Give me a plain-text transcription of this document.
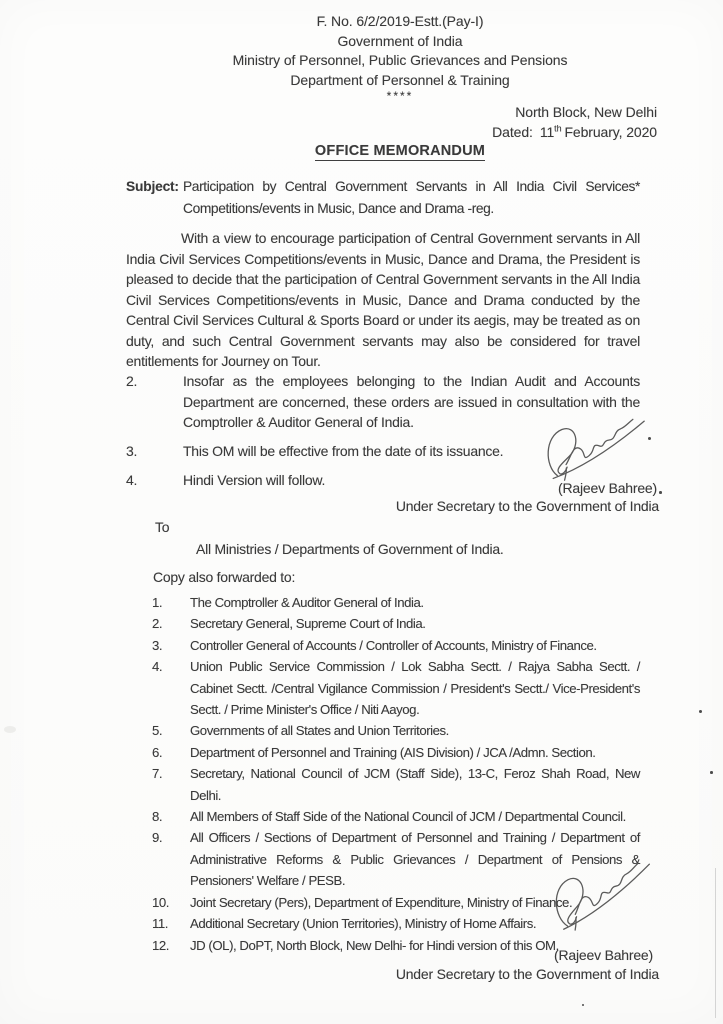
F. No. 6/2/2019-Estt.(Pay-I)
Government of India
Ministry of Personnel, Public Grievances and Pensions
Department of Personnel & Training
****
North Block, New Delhi
Dated: 11th February, 2020
OFFICE MEMORANDUM
Subject: Participation by Central Government Servants in All India Civil Services*
Competitions/events in Music, Dance and Drama -reg.
With a view to encourage participation of Central Government servants in All India Civil Services Competitions/events in Music, Dance and Drama, the President is pleased to decide that the participation of Central Government servants in the All India Civil Services Competitions/events in Music, Dance and Drama conducted by the Central Civil Services Cultural & Sports Board or under its aegis, may be treated as on duty, and such Central Government servants may also be considered for travel entitlements for Journey on Tour.
2.	Insofar as the employees belonging to the Indian Audit and Accounts Department are concerned, these orders are issued in consultation with the Comptroller & Auditor General of India.
3.	This OM will be effective from the date of its issuance.
4.	Hindi Version will follow.	(Rajeev Bahree)
Under Secretary to the Government of India
To
All Ministries / Departments of Government of India.
Copy also forwarded to:
1.	The Comptroller & Auditor General of India.
2.	Secretary General, Supreme Court of India.
3.	Controller General of Accounts / Controller of Accounts, Ministry of Finance.
4.	Union Public Service Commission / Lok Sabha Sectt. / Rajya Sabha Sectt. / Cabinet Sectt. /Central Vigilance Commission / President's Sectt./ Vice-President's Sectt. / Prime Minister's Office / Niti Aayog.
5.	Governments of all States and Union Territories.
6.	Department of Personnel and Training (AIS Division) / JCA /Admn. Section.
7.	Secretary, National Council of JCM (Staff Side), 13-C, Feroz Shah Road, New Delhi.
8.	All Members of Staff Side of the National Council of JCM / Departmental Council.
9.	All Officers / Sections of Department of Personnel and Training / Department of Administrative Reforms & Public Grievances / Department of Pensions & Pensioners' Welfare / PESB.
10.	Joint Secretary (Pers), Department of Expenditure, Ministry of Finance.
11.	Additional Secretary (Union Territories), Ministry of Home Affairs.
12.	JD (OL), DoPT, North Block, New Delhi- for Hindi version of this OM.
(Rajeev Bahree)
Under Secretary to the Government of India
